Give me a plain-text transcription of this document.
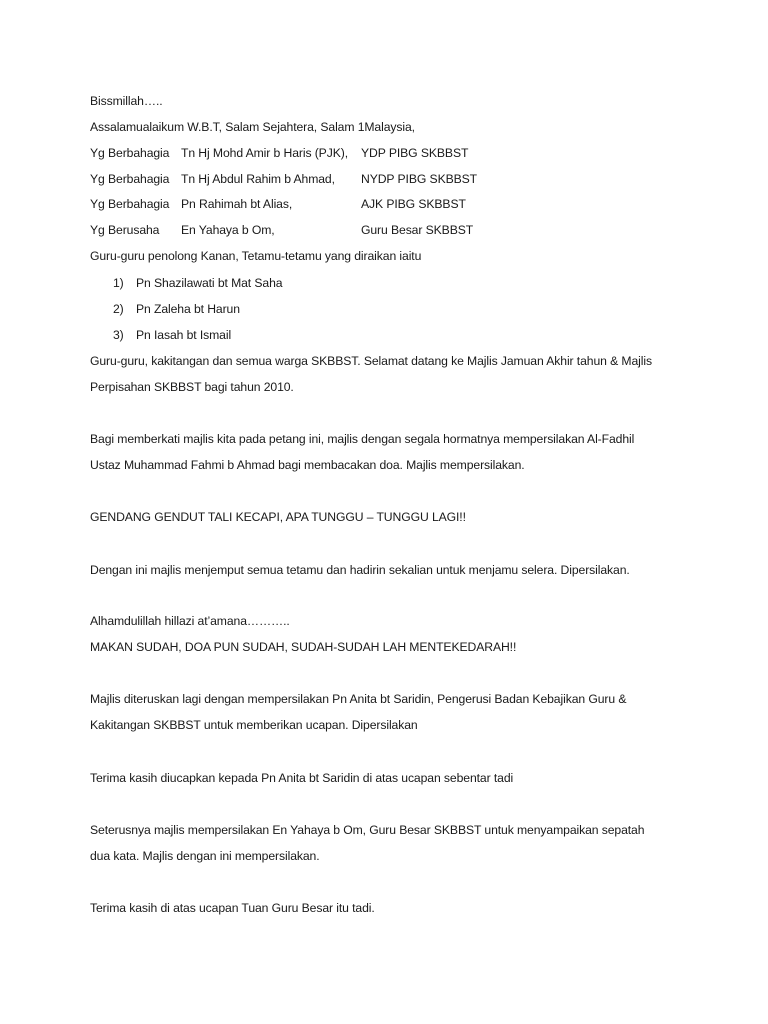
Bissmillah…..
Assalamualaikum W.B.T, Salam Sejahtera, Salam 1Malaysia,
Yg Berbahagia Tn Hj Mohd Amir b Haris (PJK), YDP PIBG SKBBST
Yg Berbahagia Tn Hj Abdul Rahim b Ahmad, NYDP PIBG SKBBST
Yg Berbahagia Pn Rahimah bt Alias,	AJK PIBG SKBBST
Yg Berusaha En Yahaya b Om,	Guru Besar SKBBST
Guru-guru penolong Kanan, Tetamu-tetamu yang diraikan iaitu
1) Pn Shazilawati bt Mat Saha
2) Pn Zaleha bt Harun
3) Pn Iasah bt Ismail
Guru-guru, kakitangan dan semua warga SKBBST. Selamat datang ke Majlis Jamuan Akhir tahun & Majlis
Perpisahan SKBBST bagi tahun 2010.
Bagi memberkati majlis kita pada petang ini, majlis dengan segala hormatnya mempersilakan Al-Fadhil
Ustaz Muhammad Fahmi b Ahmad bagi membacakan doa. Majlis mempersilakan.
GENDANG GENDUT TALI KECAPI, APA TUNGGU – TUNGGU LAGI!!
Dengan ini majlis menjemput semua tetamu dan hadirin sekalian untuk menjamu selera. Dipersilakan.
Alhamdulillah hillazi at’amana………..
MAKAN SUDAH, DOA PUN SUDAH, SUDAH-SUDAH LAH MENTEKEDARAH!!
Majlis diteruskan lagi dengan mempersilakan Pn Anita bt Saridin, Pengerusi Badan Kebajikan Guru &
Kakitangan SKBBST untuk memberikan ucapan. Dipersilakan
Terima kasih diucapkan kepada Pn Anita bt Saridin di atas ucapan sebentar tadi
Seterusnya majlis mempersilakan En Yahaya b Om, Guru Besar SKBBST untuk menyampaikan sepatah
dua kata. Majlis dengan ini mempersilakan.
Terima kasih di atas ucapan Tuan Guru Besar itu tadi.
